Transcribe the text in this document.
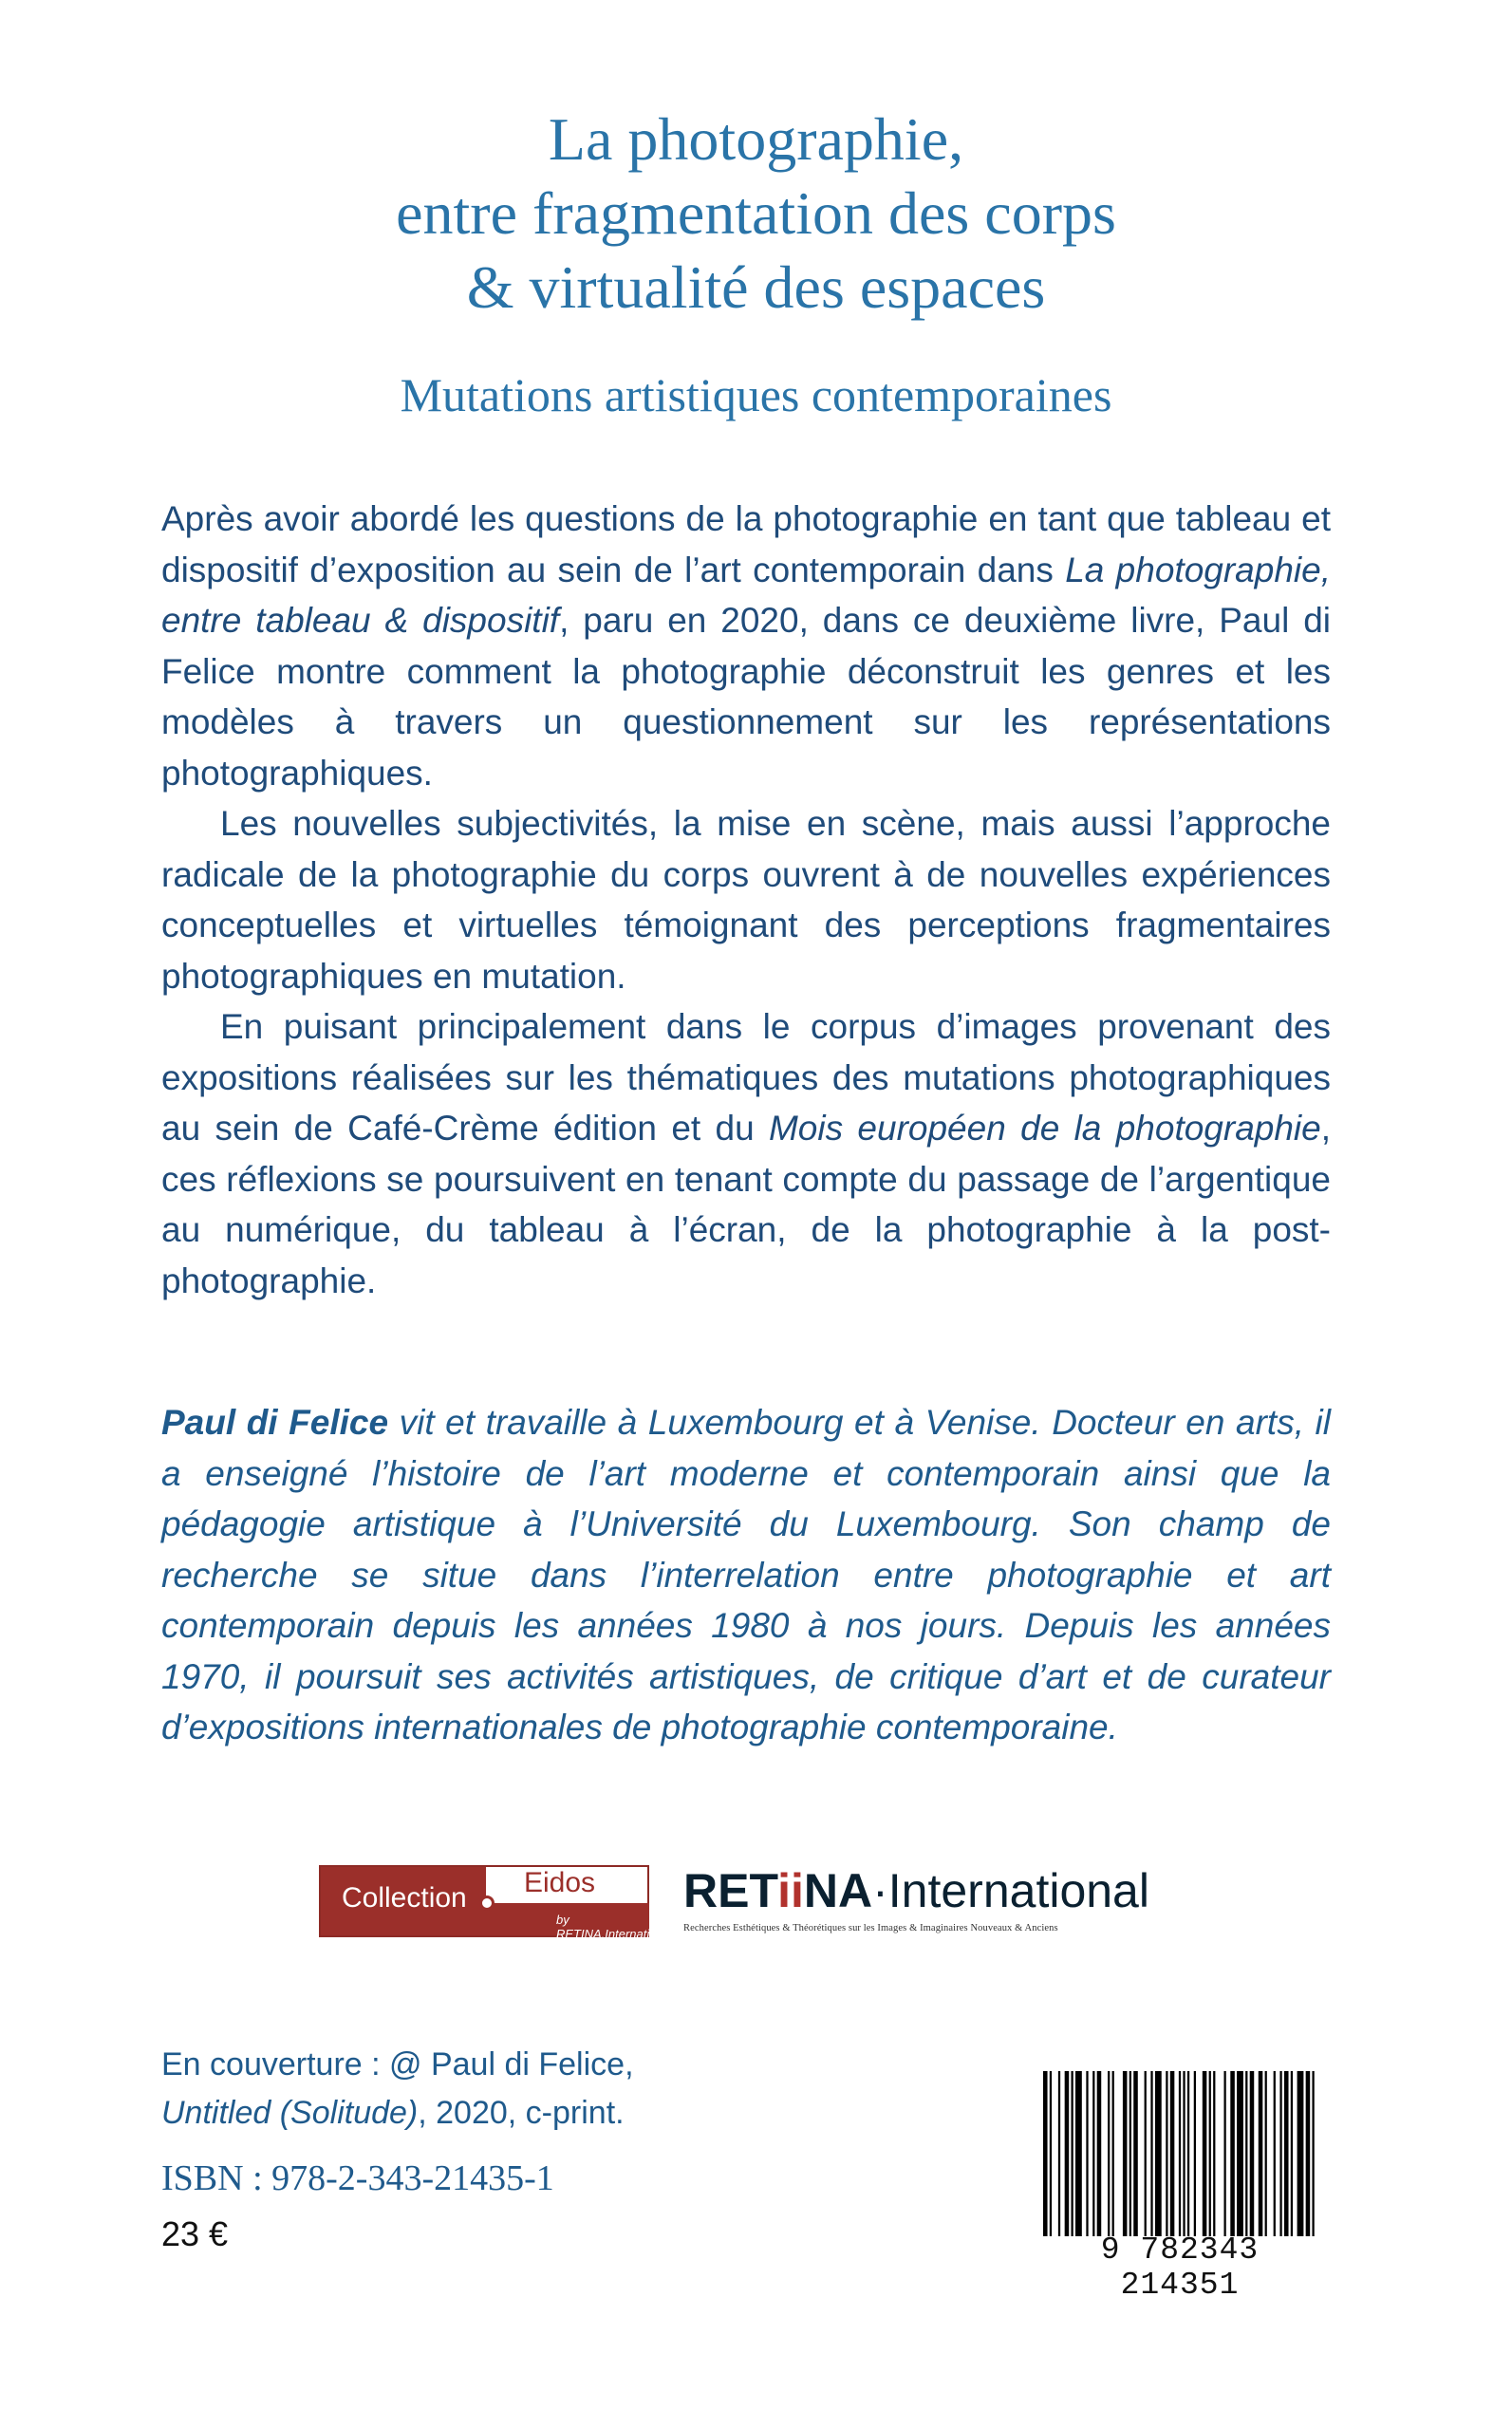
La photographie,
entre fragmentation des corps
& virtualité des espaces
Mutations artistiques contemporaines

Après avoir abordé les questions de la photographie en tant que tableau et dispositif d’exposition au sein de l’art contemporain dans La photographie, entre tableau & dispositif, paru en 2020, dans ce deuxième livre, Paul di Felice montre comment la photographie déconstruit les genres et les modèles à travers un questionnement sur les représentations photographiques.

Les nouvelles subjectivités, la mise en scène, mais aussi l’approche radicale de la photographie du corps ouvrent à de nouvelles expériences conceptuelles et virtuelles témoignant des perceptions fragmentaires photographiques en mutation.

En puisant principalement dans le corpus d’images provenant des expositions réalisées sur les thématiques des mutations photographiques au sein de Café-Crème édition et du Mois européen de la photographie, ces réflexions se poursuivent en tenant compte du passage de l’argentique au numérique, du tableau à l’écran, de la photographie à la post-photographie.

Paul di Felice vit et travaille à Luxembourg et à Venise. Docteur en arts, il a enseigné l’histoire de l’art moderne et contemporain ainsi que la pédagogie artistique à l’Université du Luxembourg. Son champ de recherche se situe dans l’interrelation entre photographie et art contemporain depuis les années 1980 à nos jours. Depuis les années 1970, il poursuit ses activités artistiques, de critique d’art et de curateur d’expositions internationales de photographie contemporaine.

Collection Eidos
by RETINA.International
RETiiNA·International
Recherches Esthétiques & Théorétiques sur les Images & Imaginaires Nouveaux & Anciens
En couverture : @ Paul di Felice,
Untitled (Solitude), 2020, c-print.
ISBN : 978-2-343-21435-1
23 €	9 782343 214351
